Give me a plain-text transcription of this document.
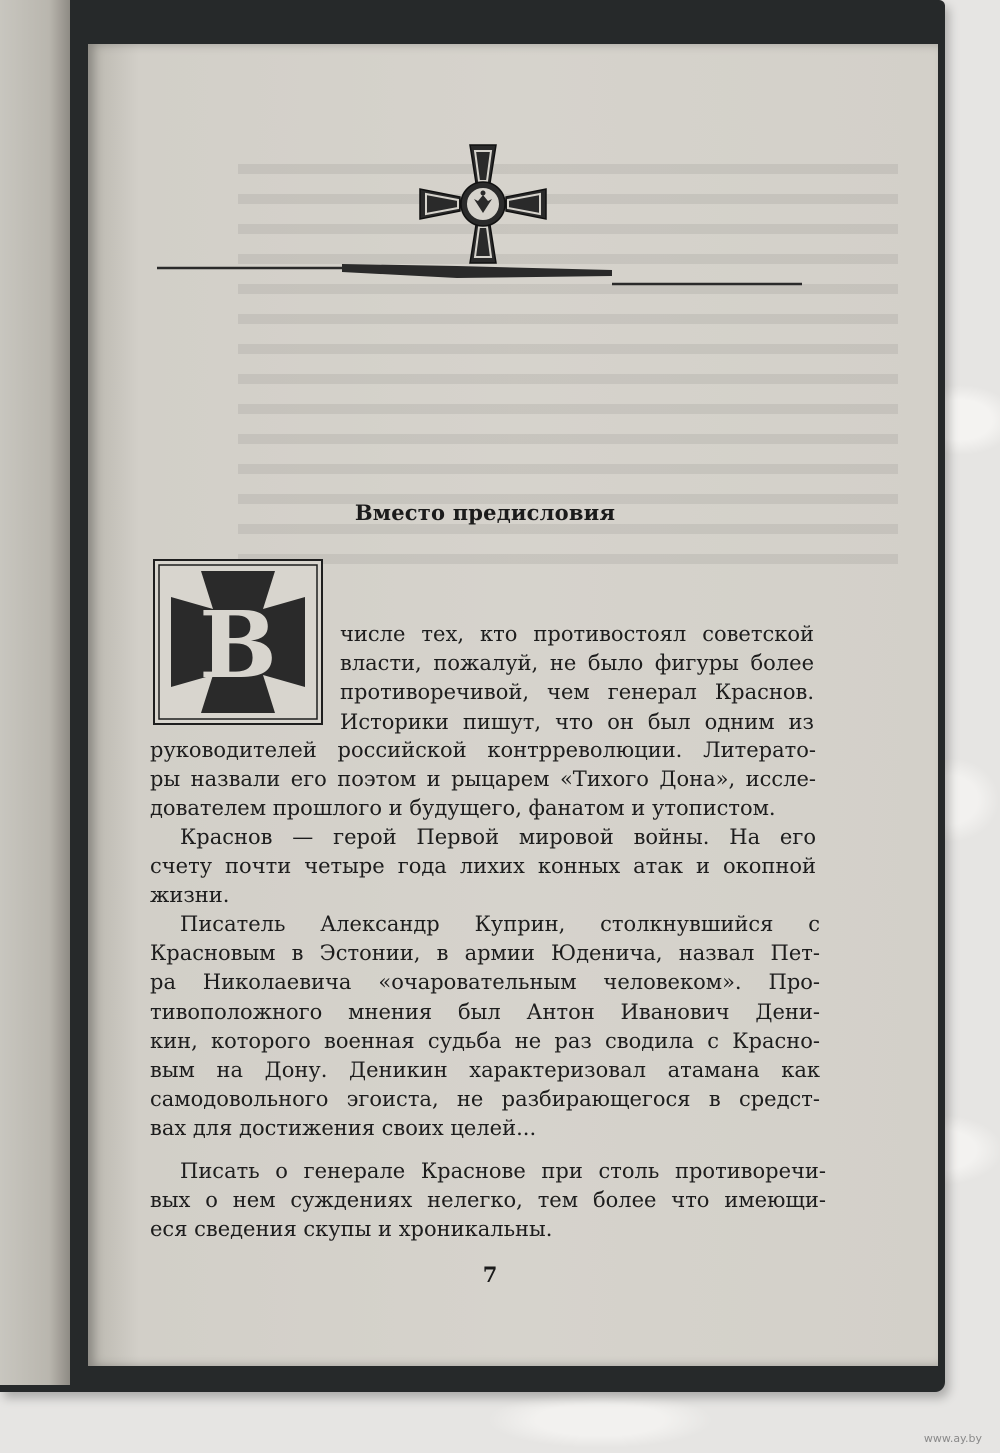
Вместо предисловия
В	числе тех, кто противостоял советской
власти, пожалуй, не было фигуры более
противоречивой, чем генерал Краснов.
Историки пишут, что он был одним из
руководителей российской контрреволюции. Литерато-
ры назвали его поэтом и рыцарем «Тихого Дона», иссле-
дователем прошлого и будущего, фанатом и утопистом.
Краснов — герой Первой мировой войны. На его
счету почти четыре года лихих конных атак и окопной
жизни.
Писатель Александр Куприн, столкнувшийся с
Красновым в Эстонии, в армии Юденича, назвал Пет-
ра Николаевича «очаровательным человеком». Про-
тивоположного мнения был Антон Иванович Дени-
кин, которого военная судьба не раз сводила с Красно-
вым на Дону. Деникин характеризовал атамана как
самодовольного эгоиста, не разбирающегося в средст-
вах для достижения своих целей...
Писать о генерале Краснове при столь противоречи-
вых о нем суждениях нелегко, тем более что имеющи-
еся сведения скупы и хроникальны.
7
www.ay.by
